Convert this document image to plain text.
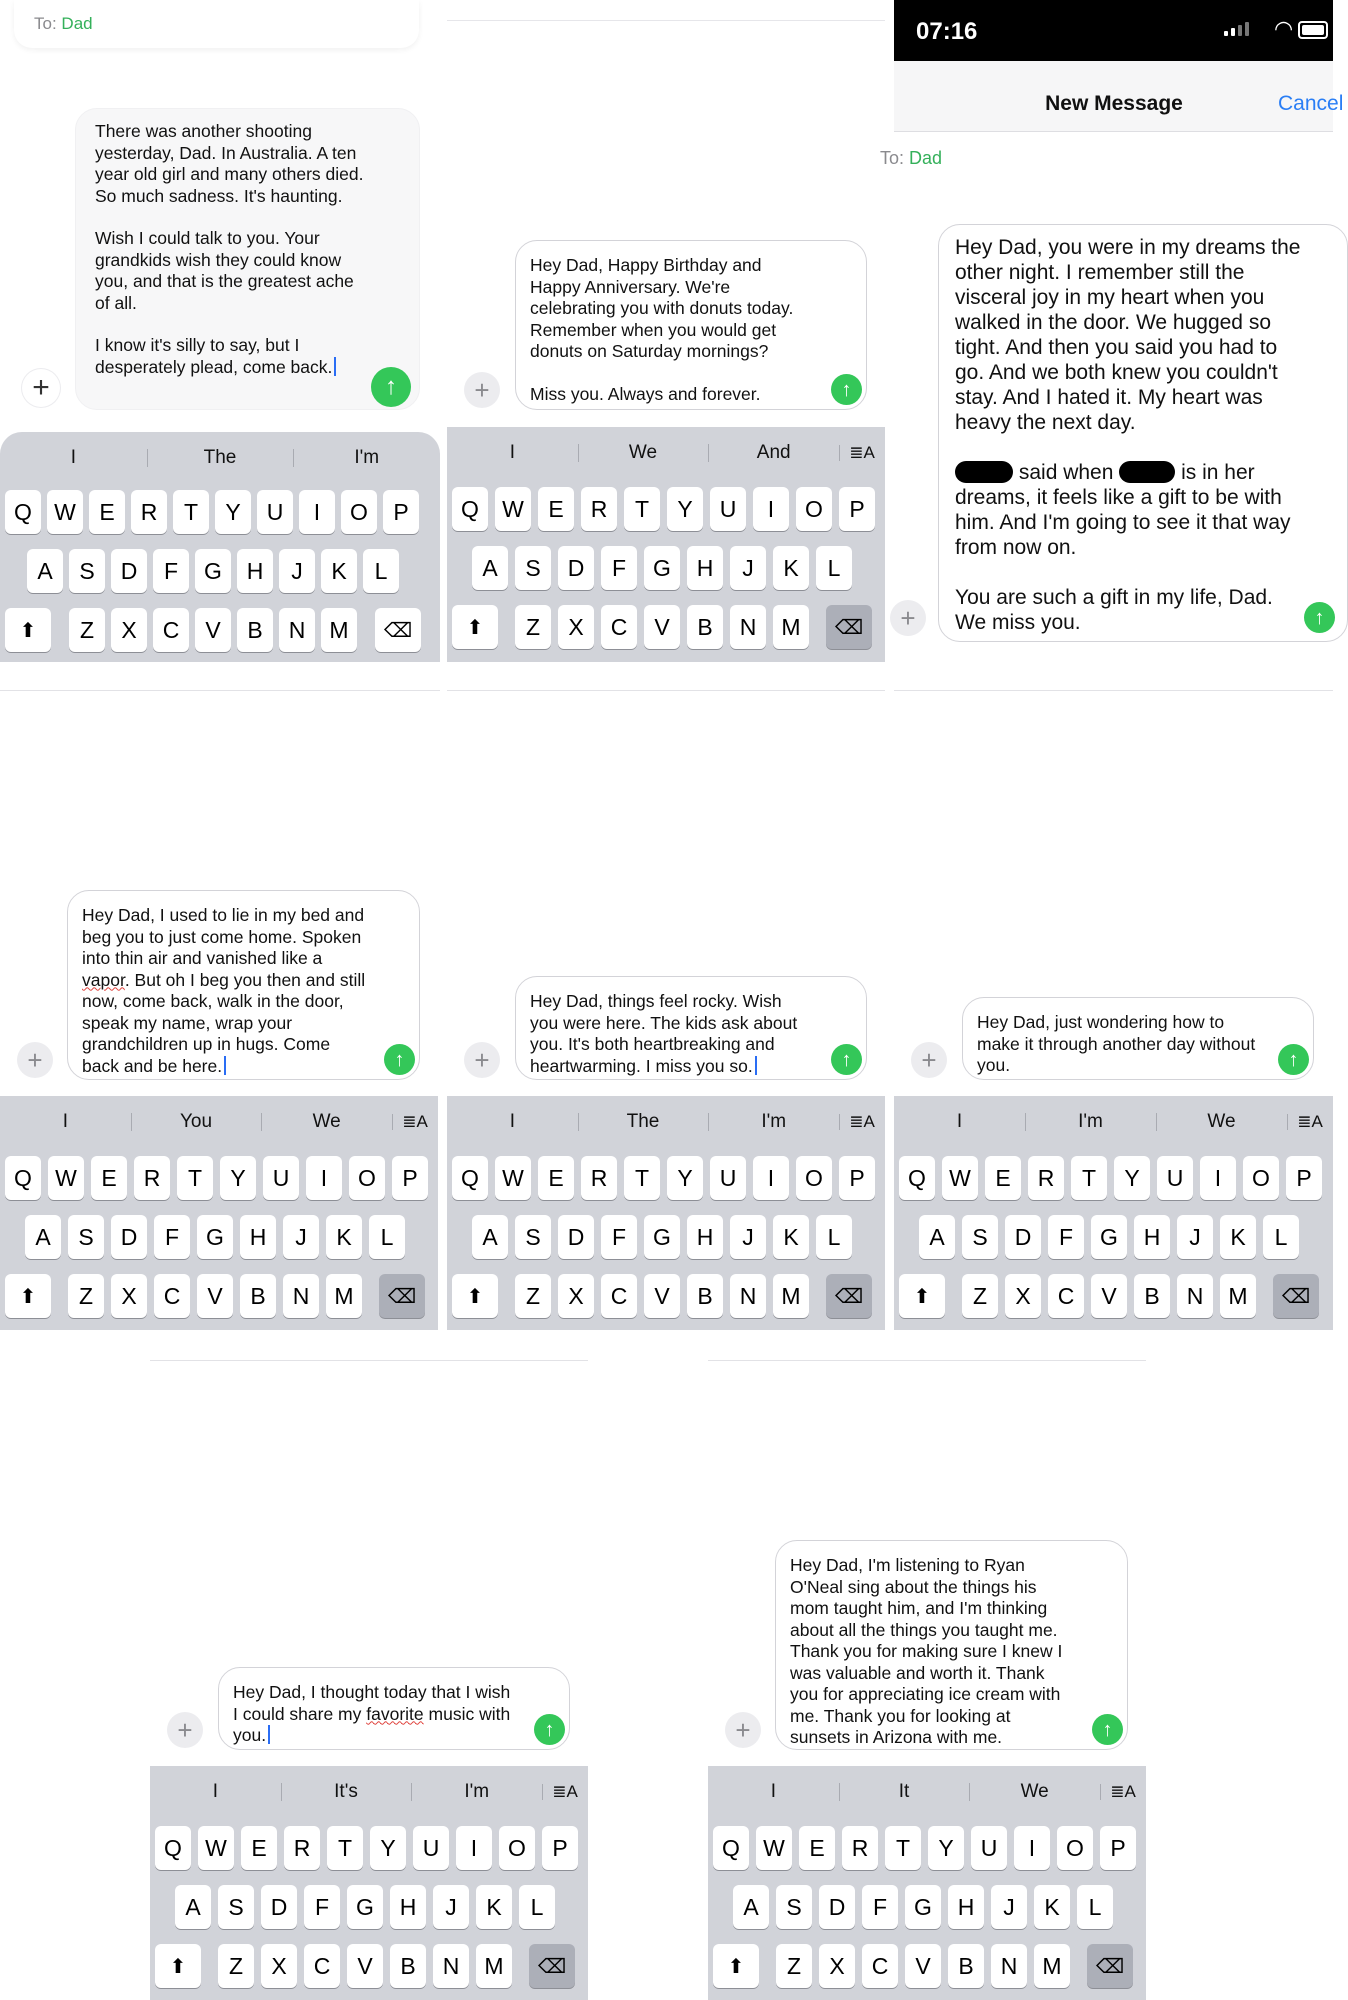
To: Dad
There was another shooting yesterday, Dad. In Australia. A ten year old girl and many others died. So much sadness. It's haunting.
Wish I could talk to you. Your grandkids wish they could know you, and that is the greatest ache of all.
I know it's silly to say, but I desperately plead, come back.
↑
+
I	The	I'm
Q W	E	R	T	Y	U	I	O	P
A	S	D	F	G	H	J	K	L
⬆	Z	X	C	V	B	N	M	⌫
Hey Dad, Happy Birthday and Happy Anniversary. We're celebrating you with donuts today. Remember when you would get donuts on Saturday mornings?
Miss you. Always and forever.	↑
+
I	We	And	≣A
Q	W	E	R	T	Y	U	I	O	P
A	S	D	F	G	H	J	K	L
⬆	Z	X	C	V	B	N	M	⌫
07:16	◠
New Message	Cancel
To: Dad
Hey Dad, you were in my dreams the other night. I remember still the visceral joy in my heart when you walked in the door. We hugged so tight. And then you said you had to go. And we both knew you couldn't stay. And I hated it. My heart was heavy the next day.
said when	is in her dreams, it feels like a gift to be with him. And I'm going to see it that way from now on.
You are such a gift in my life, Dad. We miss you.	↑
+
Hey Dad, I used to lie in my bed and beg you to just come home. Spoken into thin air and vanished like a vapor. But oh I beg you then and still now, come back, walk in the door, speak my name, wrap your grandchildren up in hugs. Come back and be here.	↑
+
I	You	We	≣A
Q	W	E	R	T	Y	U	I	O	P
A	S	D	F	G	H	J	K	L
⬆	Z	X	C	V	B	N	M	⌫
Hey Dad, things feel rocky. Wish you were here. The kids ask about you. It's both heartbreaking and heartwarming. I miss you so.	↑
+
I	The	I'm	≣A
Q	W	E	R	T	Y	U	I	O	P
A	S	D	F	G	H	J	K	L
⬆	Z	X	C	V	B	N	M	⌫
Hey Dad, just wondering how to make it through another day without you.	↑
+
I	I'm	We	≣A
Q	W	E	R	T	Y	U	I	O	P
A	S	D	F	G	H	J	K	L
⬆	Z	X	C	V	B	N	M	⌫
Hey Dad, I thought today that I wish I could share my favorite music with you.	↑
+
I	It's	I'm	≣A
Q	W	E	R	T	Y	U	I	O	P
A	S	D	F	G	H	J	K	L
⬆	Z	X	C	V	B	N	M	⌫
Hey Dad, I'm listening to Ryan O'Neal sing about the things his mom taught him, and I'm thinking about all the things you taught me. Thank you for making sure I knew I was valuable and worth it. Thank you for appreciating ice cream with me. Thank you for looking at sunsets in Arizona with me.	↑
+
I	It	We	≣A
Q	W	E	R	T	Y	U	I	O	P
A	S	D	F	G	H	J	K	L
⬆	Z	X	C	V	B	N	M	⌫
